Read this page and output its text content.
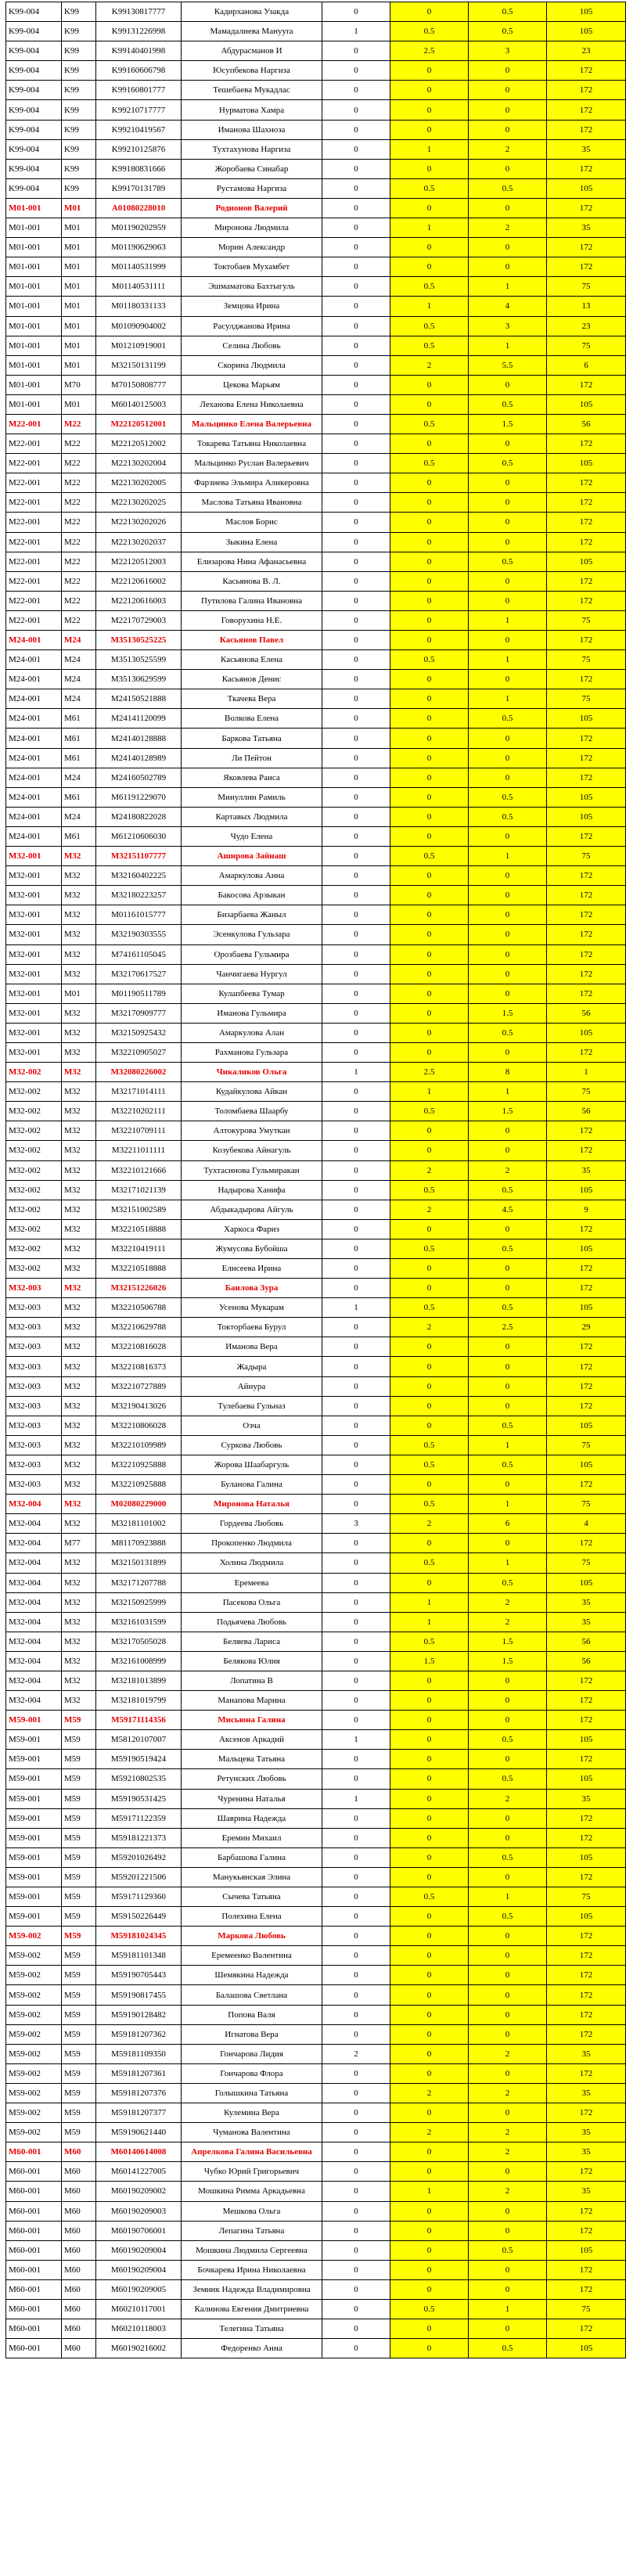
K99-004	K99	K99130817777	Кадирханова Узакда	0	0	0.5	105
K99-004	K99	K99131226998	Мамадалиева Мануyra	1	0.5	0.5	105
K99-004	K99	K99140401998	Абдурасманов И	0	2.5	3	23
K99-004	K99	K99160606798	Юсупбекова Наргиза	0	0	0	172
K99-004	K99	K99160801777	Тешебаева Мукадлас	0	0	0	172
K99-004	K99	K99210717777	Нурматова Хамра	0	0	0	172
K99-004	K99	K99210419567	Иманова Шахноза	0	0	0	172
K99-004	K99	K99210125876	Тухтаxунова Наргиза	0	1	2	35
K99-004	K99	K99180831666	Жоробаева Синабар	0	0	0	172
K99-004	K99	K99170131789	Рустамова Наргиза	0	0.5	0.5	105
M01-001	M01	A01080228010	Родионов Валерий	0	0	0	172
M01-001	M01	M01190202959	Миронова Людмила	0	1	2	35
M01-001	M01	M01190629063	Морин Александр	0	0	0	172
M01-001	M01	M01140531999	Токтобаев Мухамбет	0	0	0	172
M01-001	M01	M01140531111	Эшмаматова Бахтыгуль	0	0.5	1	75
M01-001	M01	M01180331133	Земцова Ирина	0	1	4	13
M01-001	M01	M01090904002	Расулджанова Ирина	0	0.5	3	23
M01-001	M01	M01210919001	Селина Любовь	0	0.5	1	75
M01-001	M01	M32150131199	Скорина Людмила	0	2	5.5	6
M01-001	M70	M70150808777	Цекова Марьям	0	0	0	172
M01-001	M01	M60140125003	Леханова Елена Николаевна	0	0	0.5	105
M22-001	M22	M22120512001	Мальцинко Елена Валерьевна	0	0.5	1.5	56
M22-001	M22	M22120512002	Токарева Татьяна Николаевна	0	0	0	172
M22-001	M22	M22130202004	Мальцинко Руслан Валерьевич	0	0.5	0.5	105
M22-001	M22	M22130202005	Фарзиева Эльмира Аликеровна	0	0	0	172
M22-001	M22	M22130202025	Маслова Татьяна Ивановна	0	0	0	172
M22-001	M22	M22130202026	Маслов Борис	0	0	0	172
M22-001	M22	M22130202037	Зыкина Елена	0	0	0	172
M22-001	M22	M22120512003	Елизарова Нина Афанасьевна	0	0	0.5	105
M22-001	M22	M22120616002	Касьянова В. Л.	0	0	0	172
M22-001	M22	M22120616003	Путилова Галина Ивановна	0	0	0	172
M22-001	M22	M22170729003	Говорухина Н.Е.	0	0	1	75
M24-001	M24	M35130525225	Касьянов Павел	0	0	0	172
M24-001	M24	M35130525599	Касьянова Елена	0	0.5	1	75
M24-001	M24	M35130629599	Касьянов Денис	0	0	0	172
M24-001	M24	M24150521888	Ткачева Вера	0	0	1	75
M24-001	M61	M24141120099	Волкова Елена	0	0	0.5	105
M24-001	M61	M24140128888	Баркова Татьяна	0	0	0	172
M24-001	M61	M24140128989	Ли Пейтон	0	0	0	172
M24-001	M24	M24160502789	Яковлева Раиса	0	0	0	172
M24-001	M61	M61191229070	Минуллин Рамиль	0	0	0.5	105
M24-001	M24	M24180822028	Картавых Людмила	0	0	0.5	105
M24-001	M61	M61210606030	Чудо Елена	0	0	0	172
M32-001	M32	M32151107777	Аширова Зайнаш	0	0.5	1	75
M32-001	M32	M32160402225	Амаркулова Анна	0	0	0	172
M32-001	M32	M32180223257	Бакосова Арзыкан	0	0	0	172
M32-001	M32	M01161015777	Бизарбаева Жаныл	0	0	0	172
M32-001	M32	M32190303555	Эсенкулова Гульзара	0	0	0	172
M32-001	M32	M74161105045	Орозбаева Гульмира	0	0	0	172
M32-001	M32	M32170617527	Чанчигаева Нургул	0	0	0	172
M32-001	M01	M01190511789	Кулапбеева Тумар	0	0	0	172
M32-001	M32	M32170909777	Иманова Гульмира	0	0	1.5	56
M32-001	M32	M32150925432	Амаркулова Алан	0	0	0.5	105
M32-001	M32	M32210905027	Рахманова Гульзара	0	0	0	172
M32-002	M32	M32080226002	Чикаликов Ольга	1	2.5	8	1
M32-002	M32	M32171014111	Кудайкулова Айкан	0	1	1	75
M32-002	M32	M32210202111	Толомбаева Шаарбу	0	0.5	1.5	56
M32-002	M32	M32210709111	Алтокурова Умуткан	0	0	0	172
M32-002	M32	M32211011111	Козубекова Айнагуль	0	0	0	172
M32-002	M32	M32210121666	Тухтасинова Гульмиракан	0	2	2	35
M32-002	M32	M32171021139	Надырова Ханифа	0	0.5	0.5	105
M32-002	M32	M32151002589	Абдыкадырова Айгуль	0	2	4.5	9
M32-002	M32	M32210518888	Харкоса Фариз	0	0	0	172
M32-002	M32	M32210419111	Жумусова Бубойша	0	0.5	0.5	105
M32-002	M32	M32210518888	Елисеева Ирина	0	0	0	172
M32-003	M32	M32151226026	Баилова Зура	0	0	0	172
M32-003	M32	M32210506788	Усенова Мукарам	1	0.5	0.5	105
M32-003	M32	M32210629788	Токторбаева Бурул	0	2	2.5	29
M32-003	M32	M32210816028	Иманова Вера	0	0	0	172
M32-003	M32	M32210816373	Жадыра	0	0	0	172
M32-003	M32	M32210727889	Айнура	0	0	0	172
M32-003	M32	M32190413026	Тулебаева Гульназ	0	0	0	172
M32-003	M32	M32210806028	Озча	0	0	0.5	105
M32-003	M32	M32210109989	Суркова Любовь	0	0.5	1	75
M32-003	M32	M32210925888	Жорова Шаабаргуль	0	0.5	0.5	105
M32-003	M32	M32210925888	Буланова Галина	0	0	0	172
M32-004	M32	M02080229000	Миронова Наталья	0	0.5	1	75
M32-004	M32	M32181101002	Гордеева Любовь	3	2	6	4
M32-004	M77	M81170923888	Прокопенко Людмила	0	0	0	172
M32-004	M32	M32150131899	Холина Людмила	0	0.5	1	75
M32-004	M32	M32171207788	Еремеева	0	0	0.5	105
M32-004	M32	M32150925999	Пасекова Ольга	0	1	2	35
M32-004	M32	M32161031599	Подьячева Любовь	0	1	2	35
M32-004	M32	M32170505028	Беляева Лариса	0	0.5	1.5	56
M32-004	M32	M32161008999	Белякова Юлия	0	1.5	1.5	56
M32-004	M32	M32181013899	Лопатина В	0	0	0	172
M32-004	M32	M32181019799	Манапова Марина	0	0	0	172
M59-001	M59	M59171114356	Мисьюна Галина	0	0	0	172
M59-001	M59	M58120107007	Аксенов Аркадий	1	0	0.5	105
M59-001	M59	M59190519424	Мальцева Татьяна	0	0	0	172
M59-001	M59	M59210802535	Ретунских Любовь	0	0	0.5	105
M59-001	M59	M59190531425	Чуренина Наталья	1	0	2	35
M59-001	M59	M59171122359	Шаврина Надежда	0	0	0	172
M59-001	M59	M59181221373	Еремин Михаил	0	0	0	172
M59-001	M59	M59201026492	Барбашова Галина	0	0	0.5	105
M59-001	M59	M59201221506	Манукьянская Элина	0	0	0	172
M59-001	M59	M59171129360	Сычева Татьяна	0	0.5	1	75
M59-001	M59	M59150226449	Полехина Елена	0	0	0.5	105
M59-002	M59	M59181024345	Маркова Любовь	0	0	0	172
M59-002	M59	M59181101348	Еремеенко Валентина	0	0	0	172
M59-002	M59	M59190705443	Шемякина Надежда	0	0	0	172
M59-002	M59	M59190817455	Балашова Светлана	0	0	0	172
M59-002	M59	M59190128482	Попова Валя	0	0	0	172
M59-002	M59	M59181207362	Игнатова Вера	0	0	0	172
M59-002	M59	M59181109350	Гончарова Лидия	2	0	2	35
M59-002	M59	M59181207361	Гончарова Флора	0	0	0	172
M59-002	M59	M59181207376	Голышкина Татьяна	0	2	2	35
M59-002	M59	M59181207377	Кулемина Вера	0	0	0	172
M59-002	M59	M59190621440	Чуманова Валентина	0	2	2	35
M60-001	M60	M60140614008	Апрелкова Галина Васильевна	0	0	2	35
M60-001	M60	M60141227005	Чубко Юрий Григорьевич	0	0	0	172
M60-001	M60	M60190209002	Мошкина Римма Аркадьевна	0	1	2	35
M60-001	M60	M60190209003	Мешкова Ольга	0	0	0	172
M60-001	M60	M60190706001	Лепагина Татьяна	0	0	0	172
M60-001	M60	M60190209004	Мошкина Людмила Сергеевна	0	0	0.5	105
M60-001	M60	M60190209004	Бочкарева Ирина Николаевна	0	0	0	172
M60-001	M60	M60190209005	Земник Надежда Владимировна	0	0	0	172
M60-001	M60	M60210117001	Калинова Евгения Дмитриевна	0	0.5	1	75
M60-001	M60	M60210118003	Телегина Татьяна	0	0	0	172
M60-001	M60	M60190216002	Федоренко Анна	0	0	0.5	105
